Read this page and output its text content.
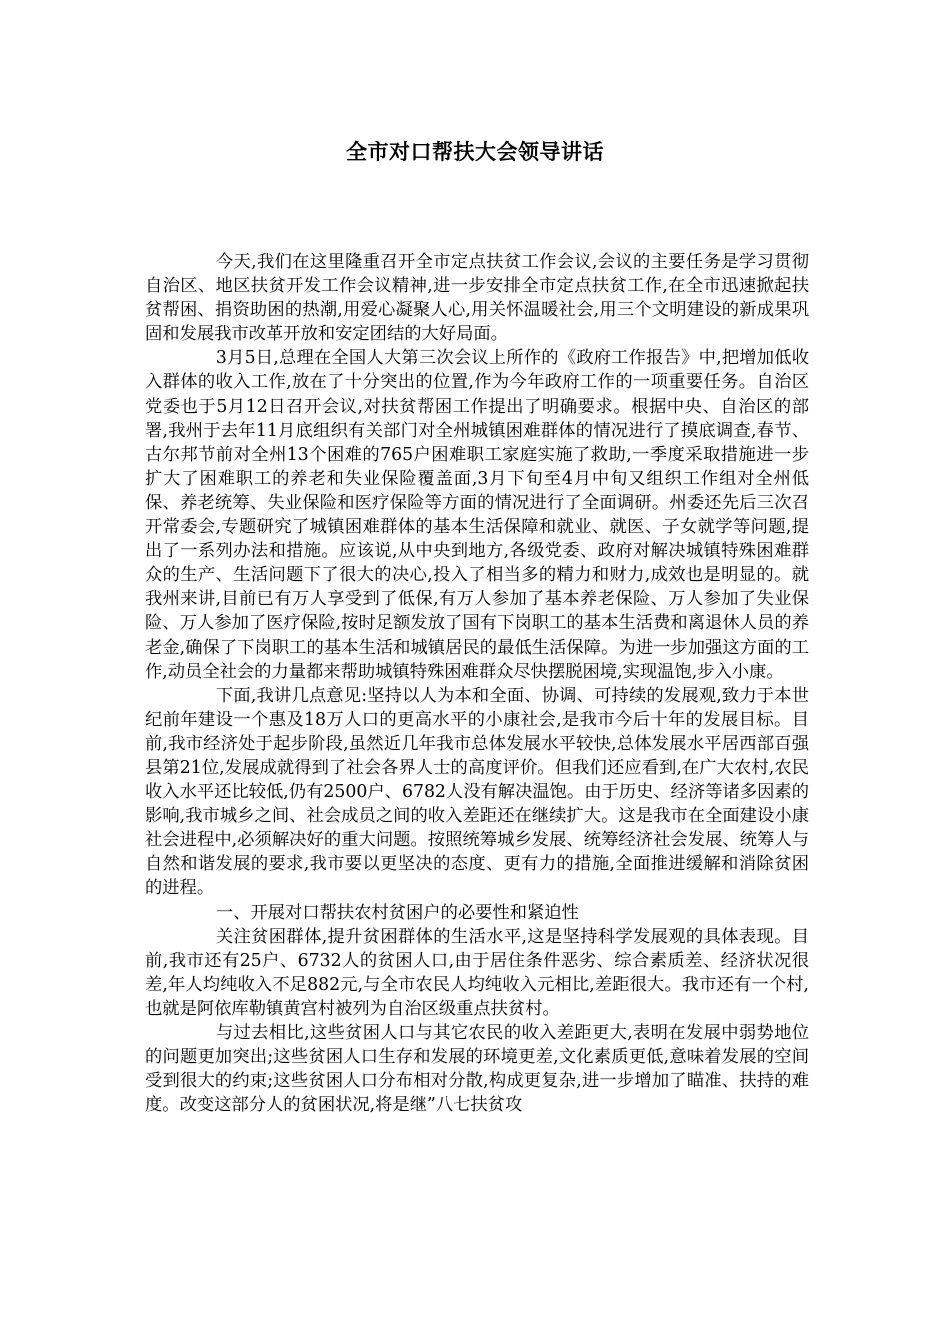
全市对口帮扶大会领导讲话

今天,我们在这里隆重召开全市定点扶贫工作会议,会议的主要任务是学习贯彻自治区、地区扶贫开发工作会议精神,进一步安排全市定点扶贫工作,在全市迅速掀起扶贫帮困、捐资助困的热潮,用爱心凝聚人心,用关怀温暖社会,用三个文明建设的新成果巩固和发展我市改革开放和安定团结的大好局面。

3月5日,总理在全国人大第三次会议上所作的《政府工作报告》中,把增加低收入群体的收入工作,放在了十分突出的位置,作为今年政府工作的一项重要任务。自治区党委也于5月12日召开会议,对扶贫帮困工作提出了明确要求。根据中央、自治区的部署,我州于去年11月底组织有关部门对全州城镇困难群体的情况进行了摸底调查,春节、古尔邦节前对全州13个困难的765户困难职工家庭实施了救助,一季度采取措施进一步扩大了困难职工的养老和失业保险覆盖面,3月下旬至4月中旬又组织工作组对全州低保、养老统筹、失业保险和医疗保险等方面的情况进行了全面调研。州委还先后三次召开常委会,专题研究了城镇困难群体的基本生活保障和就业、就医、子女就学等问题,提出了一系列办法和措施。应该说,从中央到地方,各级党委、政府对解决城镇特殊困难群众的生产、生活问题下了很大的决心,投入了相当多的精力和财力,成效也是明显的。就我州来讲,目前已有万人享受到了低保,有万人参加了基本养老保险、万人参加了失业保险、万人参加了医疗保险,按时足额发放了国有下岗职工的基本生活费和离退休人员的养老金,确保了下岗职工的基本生活和城镇居民的最低生活保障。为进一步加强这方面的工作,动员全社会的力量都来帮助城镇特殊困难群众尽快摆脱困境,实现温饱,步入小康。

下面,我讲几点意见:坚持以人为本和全面、协调、可持续的发展观,致力于本世纪前年建设一个惠及18万人口的更高水平的小康社会,是我市今后十年的发展目标。目前,我市经济处于起步阶段,虽然近几年我市总体发展水平较快,总体发展水平居西部百强县第21位,发展成就得到了社会各界人士的高度评价。但我们还应看到,在广大农村,农民收入水平还比较低,仍有2500户、6782人没有解决温饱。由于历史、经济等诸多因素的影响,我市城乡之间、社会成员之间的收入差距还在继续扩大。这是我市在全面建设小康社会进程中,必须解决好的重大问题。按照统筹城乡发展、统筹经济社会发展、统筹人与自然和谐发展的要求,我市要以更坚决的态度、更有力的措施,全面推进缓解和消除贫困的进程。

一、开展对口帮扶农村贫困户的必要性和紧迫性

关注贫困群体,提升贫困群体的生活水平,这是坚持科学发展观的具体表现。目前,我市还有25户、6732人的贫困人口,由于居住条件恶劣、综合素质差、经济状况很差,年人均纯收入不足882元,与全市农民人均纯收入元相比,差距很大。我市还有一个村,也就是阿依库勒镇黄宫村被列为自治区级重点扶贫村。

与过去相比,这些贫困人口与其它农民的收入差距更大,表明在发展中弱势地位的问题更加突出;这些贫困人口生存和发展的环境更差,文化素质更低,意味着发展的空间受到很大的约束;这些贫困人口分布相对分散,构成更复杂,进一步增加了瞄准、扶持的难度。改变这部分人的贫困状况,将是继”八七扶贫攻
